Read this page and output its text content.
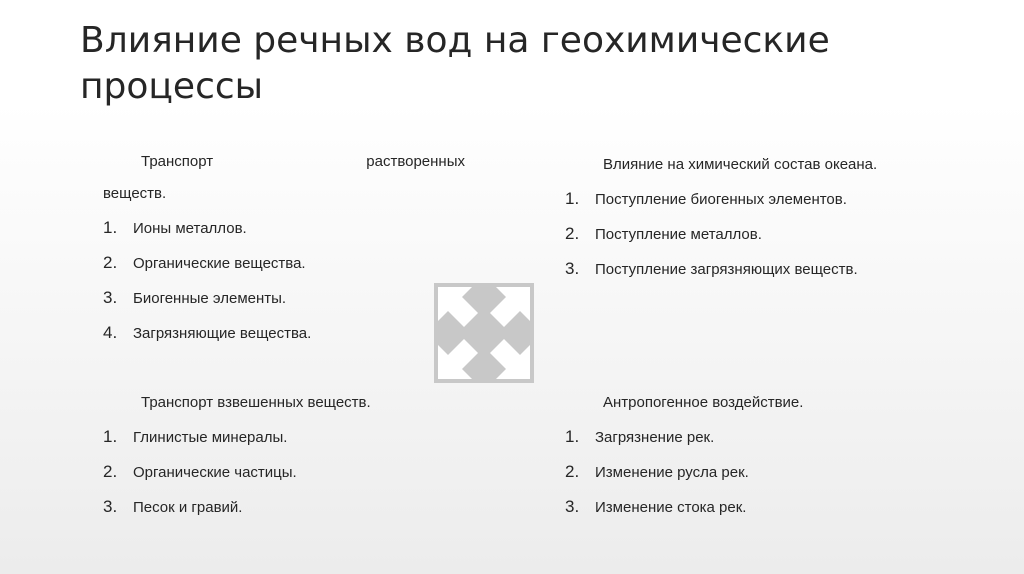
Влияние речных вод на геохимические процессы

Транспорт	растворенных

веществ.

1.	Ионы металлов.
2.	Органические вещества.
3.	Биогенные элементы.
4.	Загрязняющие вещества.

Влияние на химический состав океана.

1.	Поступление биогенных элементов.
2.	Поступление металлов.
3.	Поступление загрязняющих веществ.

Транспорт взвешенных веществ.

1.	Глинистые минералы.
2.	Органические частицы.
3.	Песок и гравий.

Антропогенное воздействие.

1.	Загрязнение рек.
2.	Изменение русла рек.
3.	Изменение стока рек.
